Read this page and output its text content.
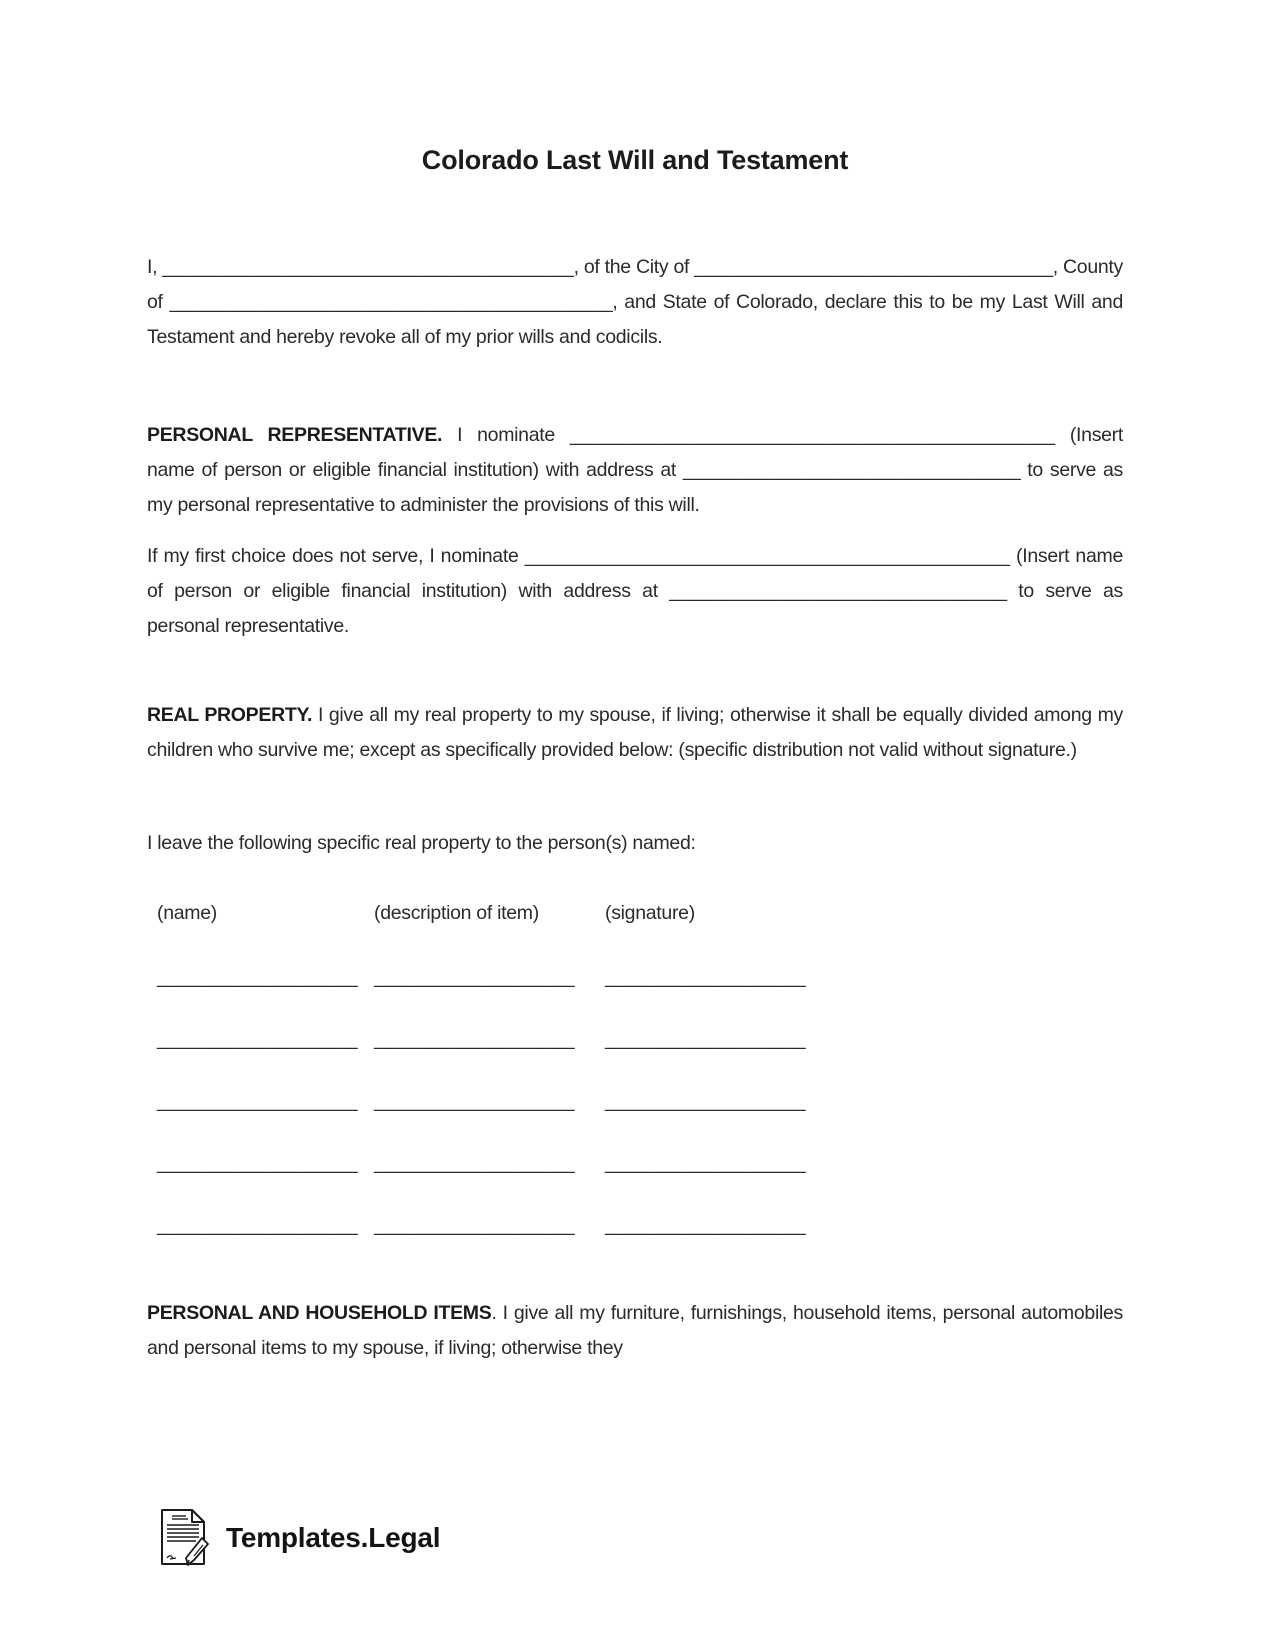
Colorado Last Will and Testament
I, _______________________________________, of the City of __________________________________, County of __________________________________________, and State of Colorado, declare this to be my Last Will and Testament and hereby revoke all of my prior wills and codicils.
PERSONAL REPRESENTATIVE. I nominate ______________________________________________ (Insert name of person or eligible financial institution) with address at ________________________________ to serve as my personal representative to administer the provisions of this will.
If my first choice does not serve, I nominate ______________________________________________ (Insert name of person or eligible financial institution) with address at ________________________________ to serve as personal representative.
REAL PROPERTY. I give all my real property to my spouse, if living; otherwise it shall be equally divided among my children who survive me; except as specifically provided below: (specific distribution not valid without signature.)
I leave the following specific real property to the person(s) named:
(name)	(description of item)	(signature)
___________________ ___________________	___________________
___________________ ___________________	___________________
___________________ ___________________	___________________
___________________ ___________________	___________________
___________________ ___________________	___________________
PERSONAL AND HOUSEHOLD ITEMS. I give all my furniture, furnishings, household items, personal automobiles and personal items to my spouse, if living; otherwise they
Templates.Legal
